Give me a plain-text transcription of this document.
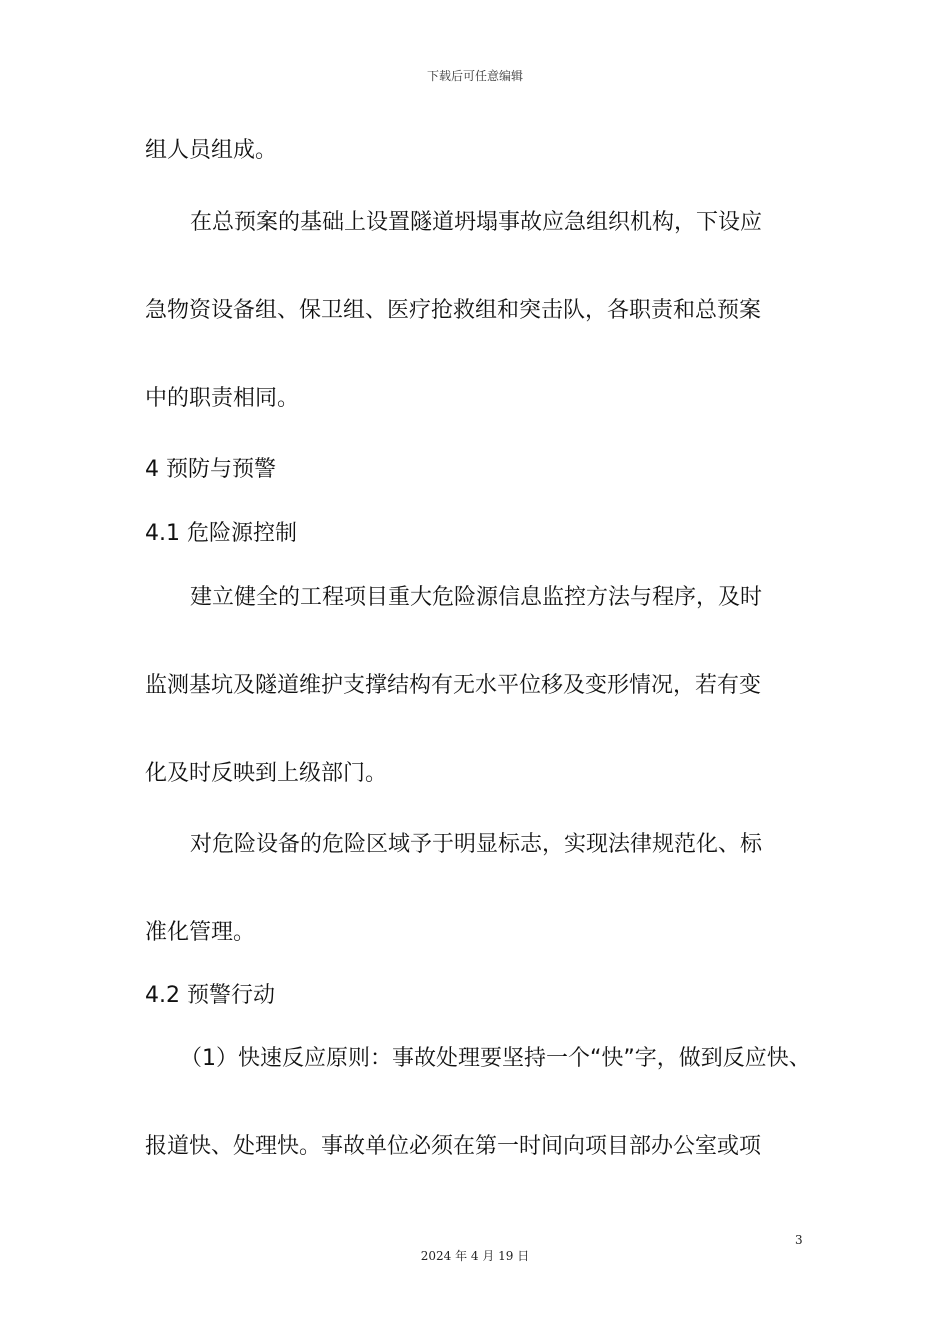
下载后可任意编辑
组人员组成。
在总预案的基础上设置隧道坍塌事故应急组织机构，下设应
急物资设备组、保卫组、医疗抢救组和突击队，各职责和总预案
中的职责相同。
4 预防与预警
4.1 危险源控制
建立健全的工程项目重大危险源信息监控方法与程序，及时
监测基坑及隧道维护支撑结构有无水平位移及变形情况，若有变
化及时反映到上级部门。
对危险设备的危险区域予于明显标志，实现法律规范化、标
准化管理。
4.2 预警行动
（1）快速反应原则：事故处理要坚持一个“快”字，做到反应快、
报道快、处理快。事故单位必须在第一时间向项目部办公室或项
3
2024 年 4 月 19 日
